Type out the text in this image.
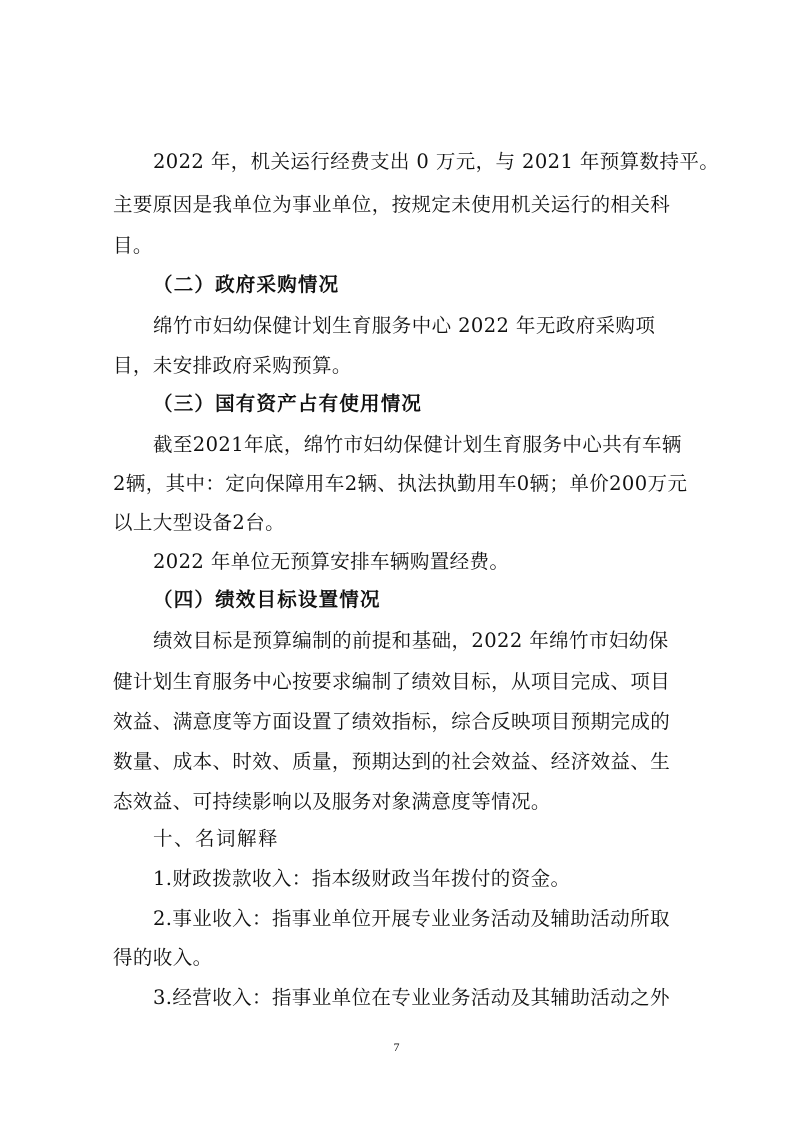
2022 年，机关运行经费支出 0 万元，与 2021 年预算数持平。
主要原因是我单位为事业单位，按规定未使用机关运行的相关科
目。
（二）政府采购情况
绵竹市妇幼保健计划生育服务中心 2022 年无政府采购项
目，未安排政府采购预算。
（三）国有资产占有使用情况
截至2021年底，绵竹市妇幼保健计划生育服务中心共有车辆
2辆，其中：定向保障用车2辆、执法执勤用车0辆；单价200万元
以上大型设备2台。
2022 年单位无预算安排车辆购置经费。
（四）绩效目标设置情况
绩效目标是预算编制的前提和基础，2022 年绵竹市妇幼保
健计划生育服务中心按要求编制了绩效目标，从项目完成、项目
效益、满意度等方面设置了绩效指标，综合反映项目预期完成的
数量、成本、时效、质量，预期达到的社会效益、经济效益、生
态效益、可持续影响以及服务对象满意度等情况。
十、名词解释
1.财政拨款收入：指本级财政当年拨付的资金。
2.事业收入：指事业单位开展专业业务活动及辅助活动所取
得的收入。
3.经营收入：指事业单位在专业业务活动及其辅助活动之外
7
